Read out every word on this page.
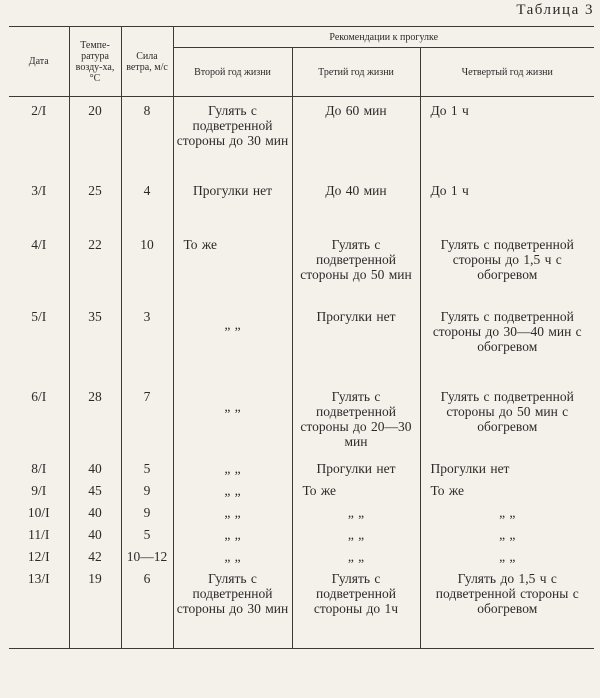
Таблица 3
Дата	Темпе-ратура возду-ха, °С	Сила ветра, м/с	Рекомендации к прогулке		
			Второй год жизни	Третий год жизни	Четвертый год жизни
2/I	20	8	Гулять с подветренной стороны до 30 мин	До 60 мин	До 1 ч
3/I	25	4	Прогулки нет	До 40 мин	До 1 ч
4/I	22	10	То же	Гулять с подветренной стороны до 50 мин	Гулять с подветренной стороны до 1,5 ч с обогревом
5/I	35	3	„ „	Прогулки нет	Гулять с подветренной стороны до 30—40 мин с обогревом
6/I	28	7	„ „	Гулять с подветренной стороны до 20—30 мин	Гулять с подветренной стороны до 50 мин с обогревом
8/I	40	5	„ „	Прогулки нет	Прогулки нет
9/I	45	9	„ „	То же	То же
10/I	40	9	„ „	„ „	„ „
11/I	40	5	„ „	„ „	„ „
12/I	42	10—12	„ „	„ „	„ „
13/I	19	6	Гулять с подветренной стороны до 30 мин	Гулять с подветренной стороны до 1ч	Гулять до 1,5 ч с подветренной стороны с обогревом
